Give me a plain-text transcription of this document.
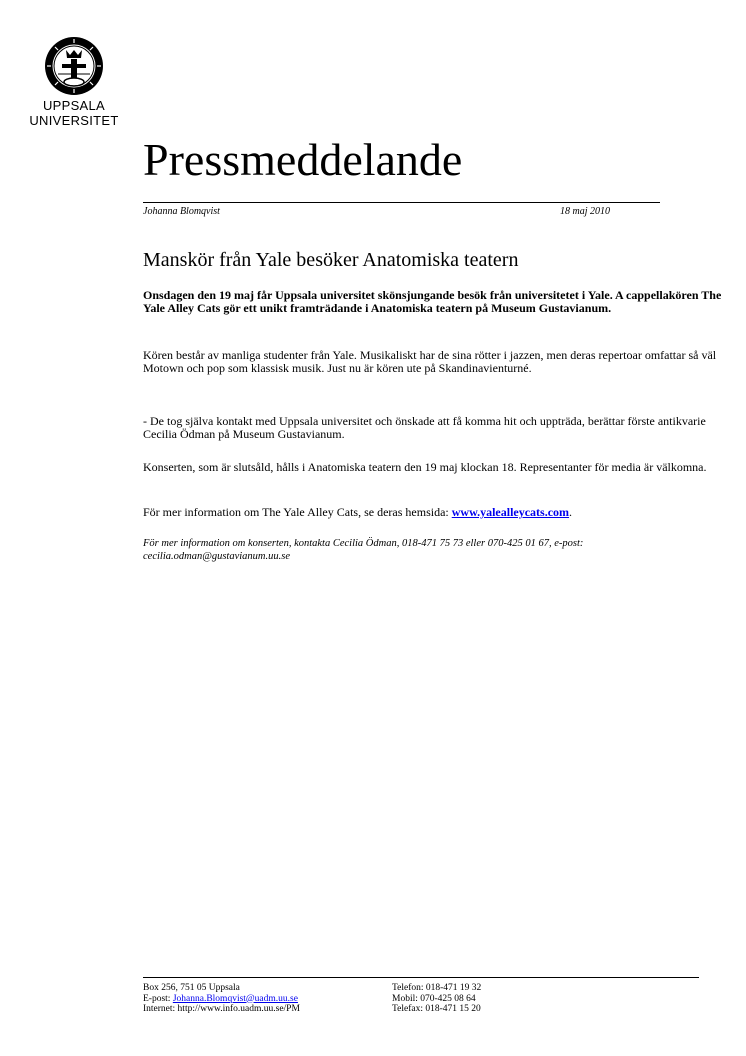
UPPSALA
UNIVERSITET
Pressmeddelande
Johanna Blomqvist	18 maj 2010
Manskör från Yale besöker Anatomiska teatern
Onsdagen den 19 maj får Uppsala universitet skönsjungande besök från universitetet i Yale. A cappellakören The Yale Alley Cats gör ett unikt framträdande i Anatomiska teatern på Museum Gustavianum.
Kören består av manliga studenter från Yale. Musikaliskt har de sina rötter i jazzen, men deras repertoar omfattar så väl Motown och pop som klassisk musik. Just nu är kören ute på Skandinavienturné.
- De tog själva kontakt med Uppsala universitet och önskade att få komma hit och uppträda, berättar förste antikvarie Cecilia Ödman på Museum Gustavianum.
Konserten, som är slutsåld, hålls i Anatomiska teatern den 19 maj klockan 18. Representanter för media är välkomna.
För mer information om The Yale Alley Cats, se deras hemsida: www.yalealleycats.com.
För mer information om konserten, kontakta Cecilia Ödman, 018-471 75 73 eller 070-425 01 67, e-post: cecilia.odman@gustavianum.uu.se
Box 256, 751 05 Uppsala
E-post: Johanna.Blomqvist@uadm.uu.se
Internet: http://www.info.uadm.uu.se/PM
Telefon: 018-471 19 32
Mobil: 070-425 08 64
Telefax: 018-471 15 20
